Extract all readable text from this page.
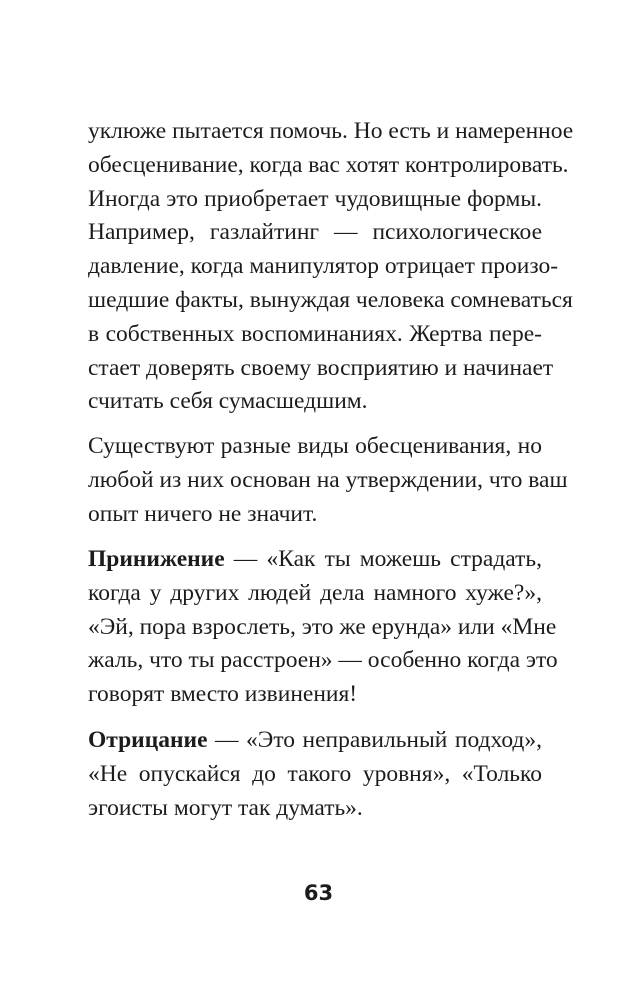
уклюже пытается помочь. Но есть и намеренное
обесценивание, когда вас хотят контролировать.
Иногда это приобретает чудовищные формы.
Например, газлайтинг — психологическое
давление, когда манипулятор отрицает произо-
шедшие факты, вынуждая человека сомневаться
в собственных воспоминаниях. Жертва пере-
стает доверять своему восприятию и начинает
считать себя сумасшедшим.
Существуют разные виды обесценивания, но
любой из них основан на утверждении, что ваш
опыт ничего не значит.
Принижение — «Как ты можешь страдать,
когда у других людей дела намного хуже?»,
«Эй, пора взрослеть, это же ерунда» или «Мне
жаль, что ты расстроен» — особенно когда это
говорят вместо извинения!
Отрицание — «Это неправильный подход»,
«Не опускайся до такого уровня», «Только
эгоисты могут так думать».
63
